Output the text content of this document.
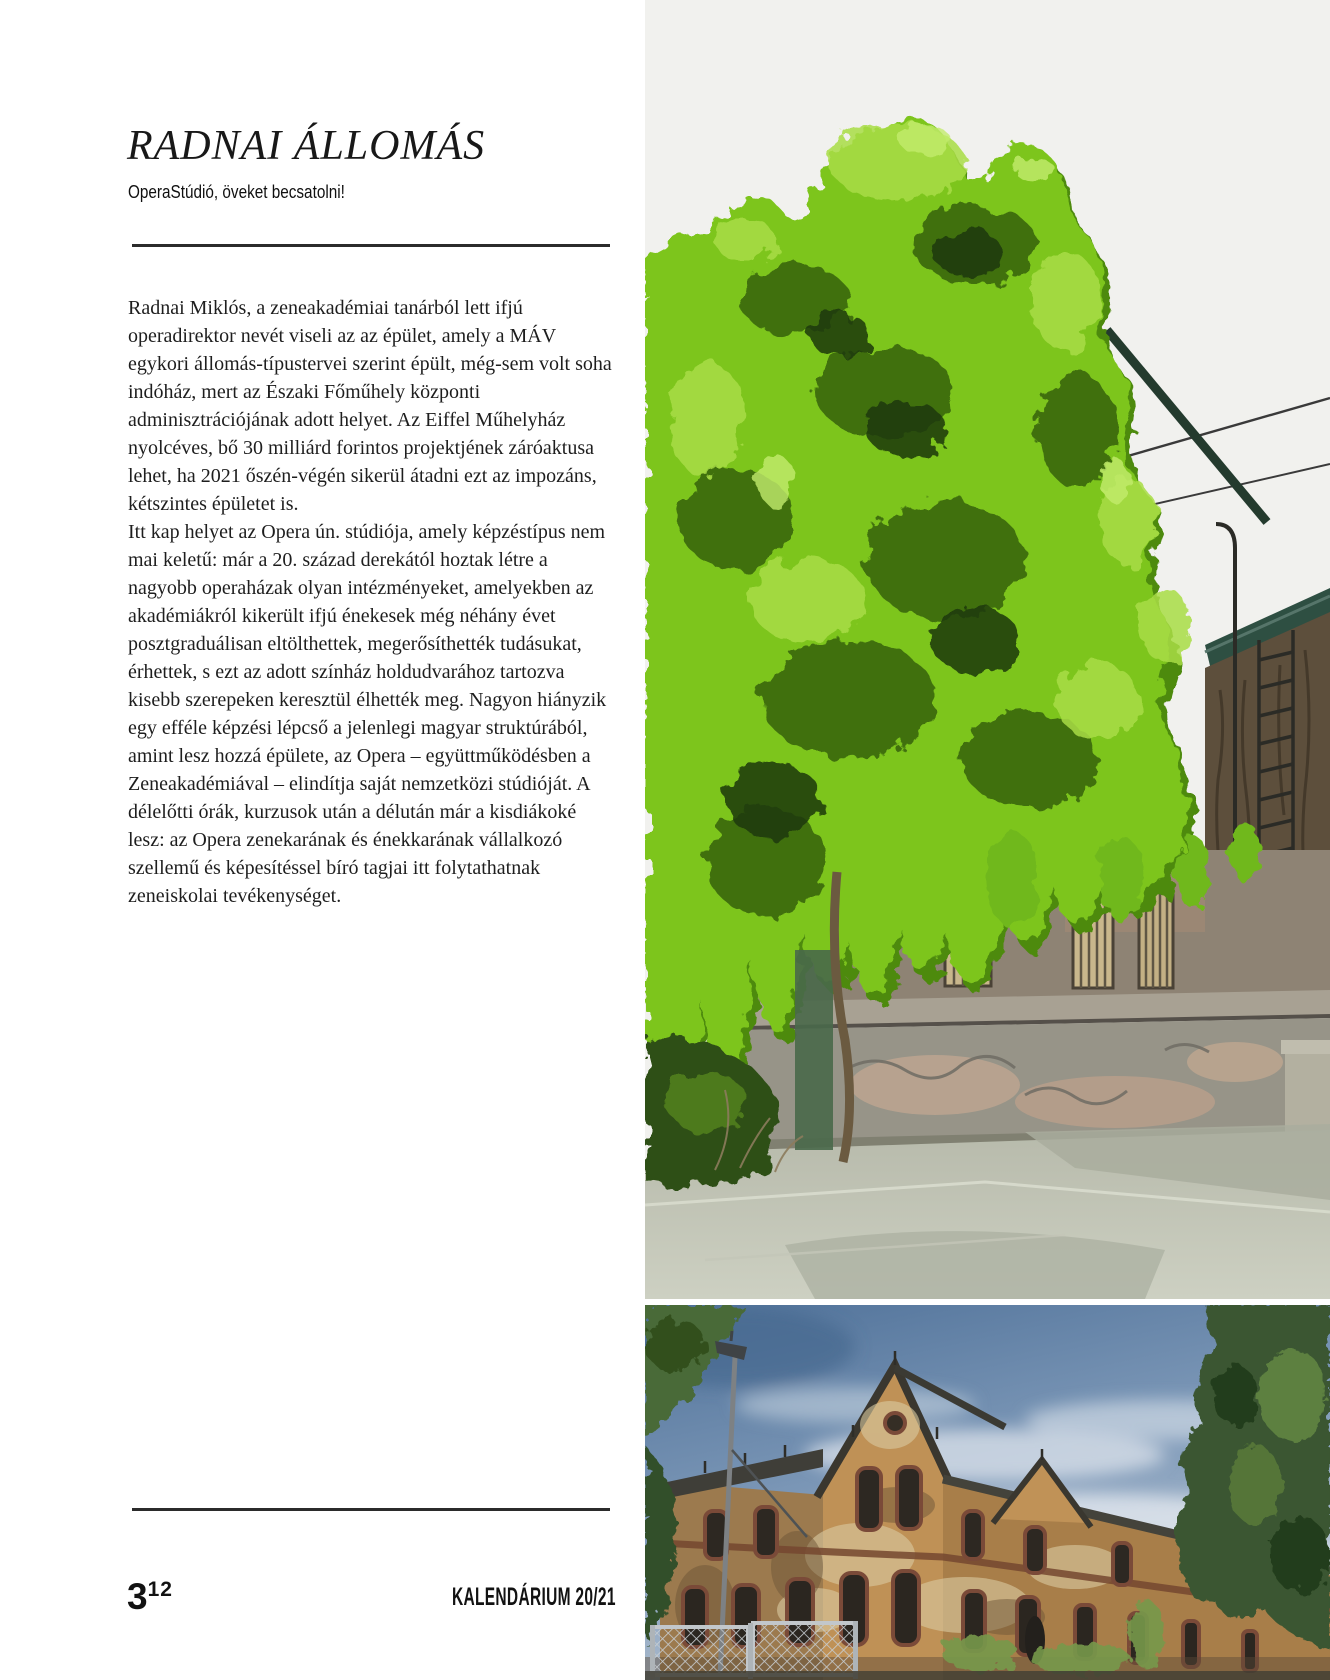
RADNAI ÁLLOMÁS

OperaStúdió, öveket becsatolni!

Radnai Miklós, a zeneakadémiai tanárból lett ifjú operadirektor nevét viseli az az épület, amely a MÁV egykori állomás-típustervei szerint épült, még-sem volt soha indóház, mert az Északi Főműhely központi adminisztrációjának adott helyet. Az Eiffel Műhelyház nyolcéves, bő 30 milliárd forintos projektjének záróaktusa lehet, ha 2021 őszén-végén sikerül átadni ezt az impozáns, kétszintes épületet is.

Itt kap helyet az Opera ún. stúdiója, amely képzéstípus nem mai keletű: már a 20. század derekától hoztak létre a nagyobb operaházak olyan intézményeket, amelyekben az akadémiákról kikerült ifjú énekesek még néhány évet posztgraduálisan eltölthettek, megerősíthették tudásukat, érhettek, s ezt az adott színház holdudvarához tartozva kisebb szerepeken keresztül élhették meg. Nagyon hiányzik egy efféle képzési lépcső a jelenlegi magyar struktúrából, amint lesz hozzá épülete, az Opera – együttműködésben a Zeneakadémiával – elindítja saját nemzetközi stúdióját. A délelőtti órák, kurzusok után a délután már a kisdiákoké lesz: az Opera zenekarának és énekkarának vállalkozó szellemű és képesítéssel bíró tagjai itt folytathatnak zeneiskolai tevékenységet.

312	KALENDÁRIUM 20/21
